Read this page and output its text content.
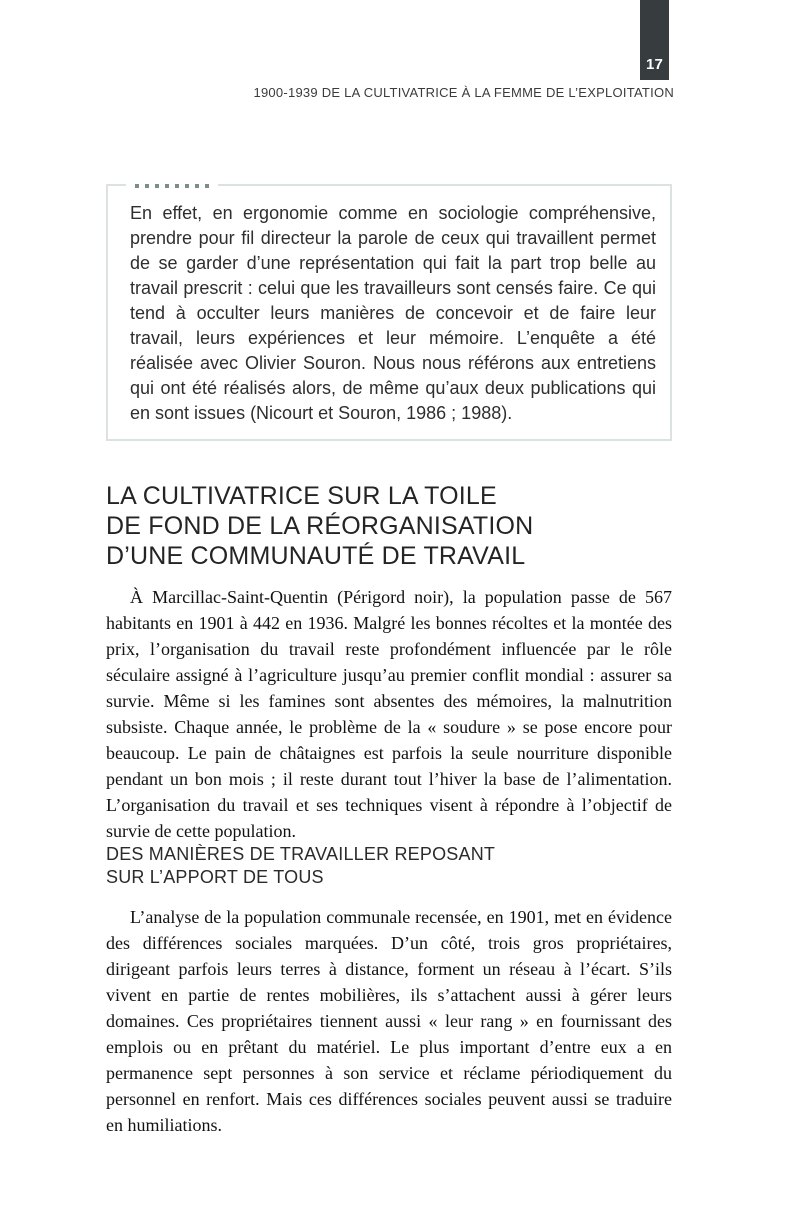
17
1900-1939 DE LA CULTIVATRICE À LA FEMME DE L’EXPLOITATION
En effet, en ergonomie comme en sociologie compréhensive, prendre pour fil directeur la parole de ceux qui travaillent permet de se garder d’une représentation qui fait la part trop belle au travail prescrit : celui que les travailleurs sont censés faire. Ce qui tend à occulter leurs manières de concevoir et de faire leur travail, leurs expériences et leur mémoire. L’enquête a été réalisée avec Olivier Souron. Nous nous référons aux entretiens qui ont été réalisés alors, de même qu’aux deux publications qui en sont issues (Nicourt et Souron, 1986 ; 1988).
LA CULTIVATRICE SUR LA TOILE
DE FOND DE LA RÉORGANISATION
D’UNE COMMUNAUTÉ DE TRAVAIL

À Marcillac-Saint-Quentin (Périgord noir), la population passe de 567 habitants en 1901 à 442 en 1936. Malgré les bonnes récoltes et la montée des prix, l’organisation du travail reste profondément influencée par le rôle séculaire assigné à l’agriculture jusqu’au premier conflit mondial : assurer sa survie. Même si les famines sont absentes des mémoires, la malnutrition subsiste. Chaque année, le problème de la « soudure » se pose encore pour beaucoup. Le pain de châtaignes est parfois la seule nourriture disponible pendant un bon mois ; il reste durant tout l’hiver la base de l’alimentation. L’organisation du travail et ses techniques visent à répondre à l’objectif de survie de cette population.

DES MANIÈRES DE TRAVAILLER REPOSANT
SUR L’APPORT DE TOUS

L’analyse de la population communale recensée, en 1901, met en évidence des différences sociales marquées. D’un côté, trois gros propriétaires, dirigeant parfois leurs terres à distance, forment un réseau à l’écart. S’ils vivent en partie de rentes mobilières, ils s’attachent aussi à gérer leurs domaines. Ces propriétaires tiennent aussi « leur rang » en fournissant des emplois ou en prêtant du matériel. Le plus important d’entre eux a en permanence sept personnes à son service et réclame périodiquement du personnel en renfort. Mais ces différences sociales peuvent aussi se traduire en humiliations.
